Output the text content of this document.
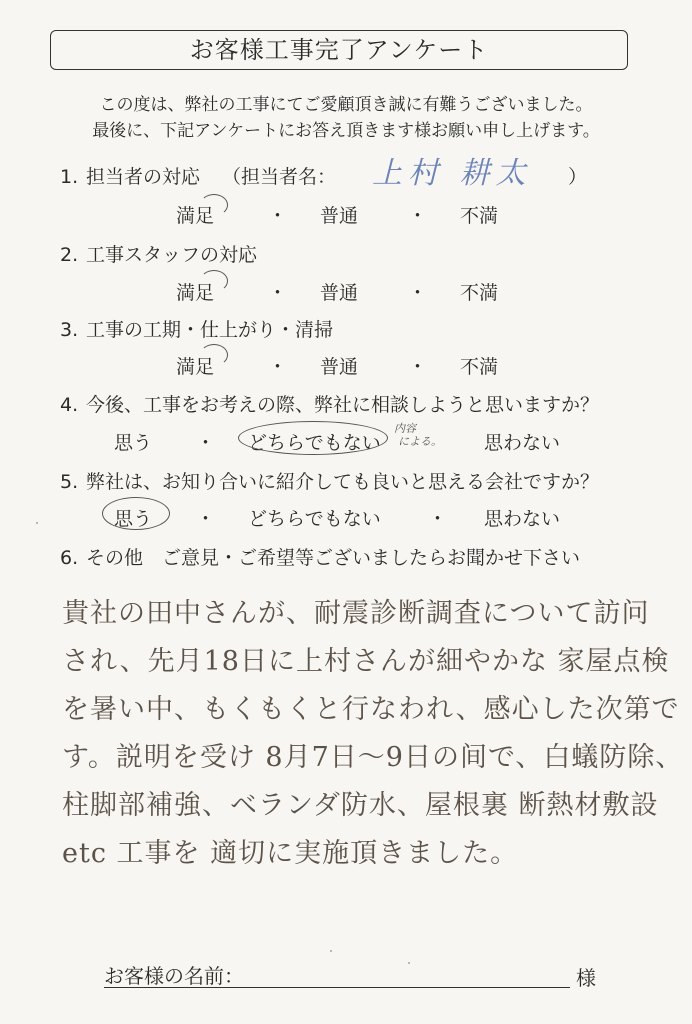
お客様工事完了アンケート
この度は、弊社の工事にてご愛顧頂き誠に有難うございました。
最後に、下記アンケートにお答え頂きます様お願い申し上げます。
1. 担当者の対応 （担当者名： 上村 耕太 ）
満足	・ 普通	・ 不満
2. 工事スタッフの対応
満足	・ 普通	・ 不満
3. 工事の工期・仕上がり・清掃
満足	・ 普通	・ 不満
4. 今後、工事をお考えの際、弊社に相談しようと思いますか？
思う ・ どちらでもない
内容
による。 思わない
5. 弊社は、お知り合いに紹介しても良いと思える会社ですか？
思う ・ どちらでもない ・ 思わない
6. その他　ご意見・ご希望等ございましたらお聞かせ下さい
貴社の田中さんが、耐震診断調査について訪问
され、先月18日に上村さんが細やかな 家屋点検
を暑い中、もくもくと行なわれ、感心した次第で
す。説明を受け 8月7日～9日の间で、白蟻防除、
柱脚部補強、ベランダ防水、屋根裏 断熱材敷設
etc 工事を 適切に実施頂きました。
お客様の名前：	様
